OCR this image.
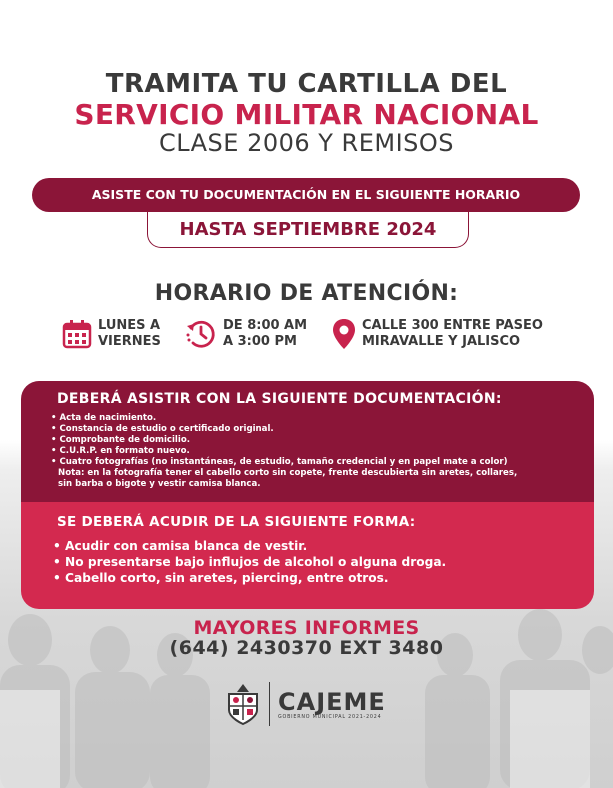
TRAMITA TU CARTILLA DEL
SERVICIO MILITAR NACIONAL
CLASE 2006 Y REMISOS
HASTA SEPTIEMBRE 2024
ASISTE CON TU DOCUMENTACIÓN EN EL SIGUIENTE HORARIO
HORARIO DE ATENCIÓN:
LUNES A
VIERNES
DE 8:00 AM
A 3:00 PM
CALLE 300 ENTRE PASEO
MIRAVALLE Y JALISCO
DEBERÁ ASISTIR CON LA SIGUIENTE DOCUMENTACIÓN:
• Acta de nacimiento.
• Constancia de estudio o certificado original.
• Comprobante de domicilio.
• C.U.R.P. en formato nuevo.
• Cuatro fotografías (no instantáneas, de estudio, tamaño credencial y en papel mate a color)
Nota: en la fotografía tener el cabello corto sin copete, frente descubierta sin aretes, collares,
sin barba o bigote y vestir camisa blanca.
SE DEBERÁ ACUDIR DE LA SIGUIENTE FORMA:
• Acudir con camisa blanca de vestir.
• No presentarse bajo influjos de alcohol o alguna droga.
• Cabello corto, sin aretes, piercing, entre otros.
MAYORES INFORMES
(644) 2430370 EXT 3480
CAJEME
GOBIERNO MUNICIPAL 2021-2024
